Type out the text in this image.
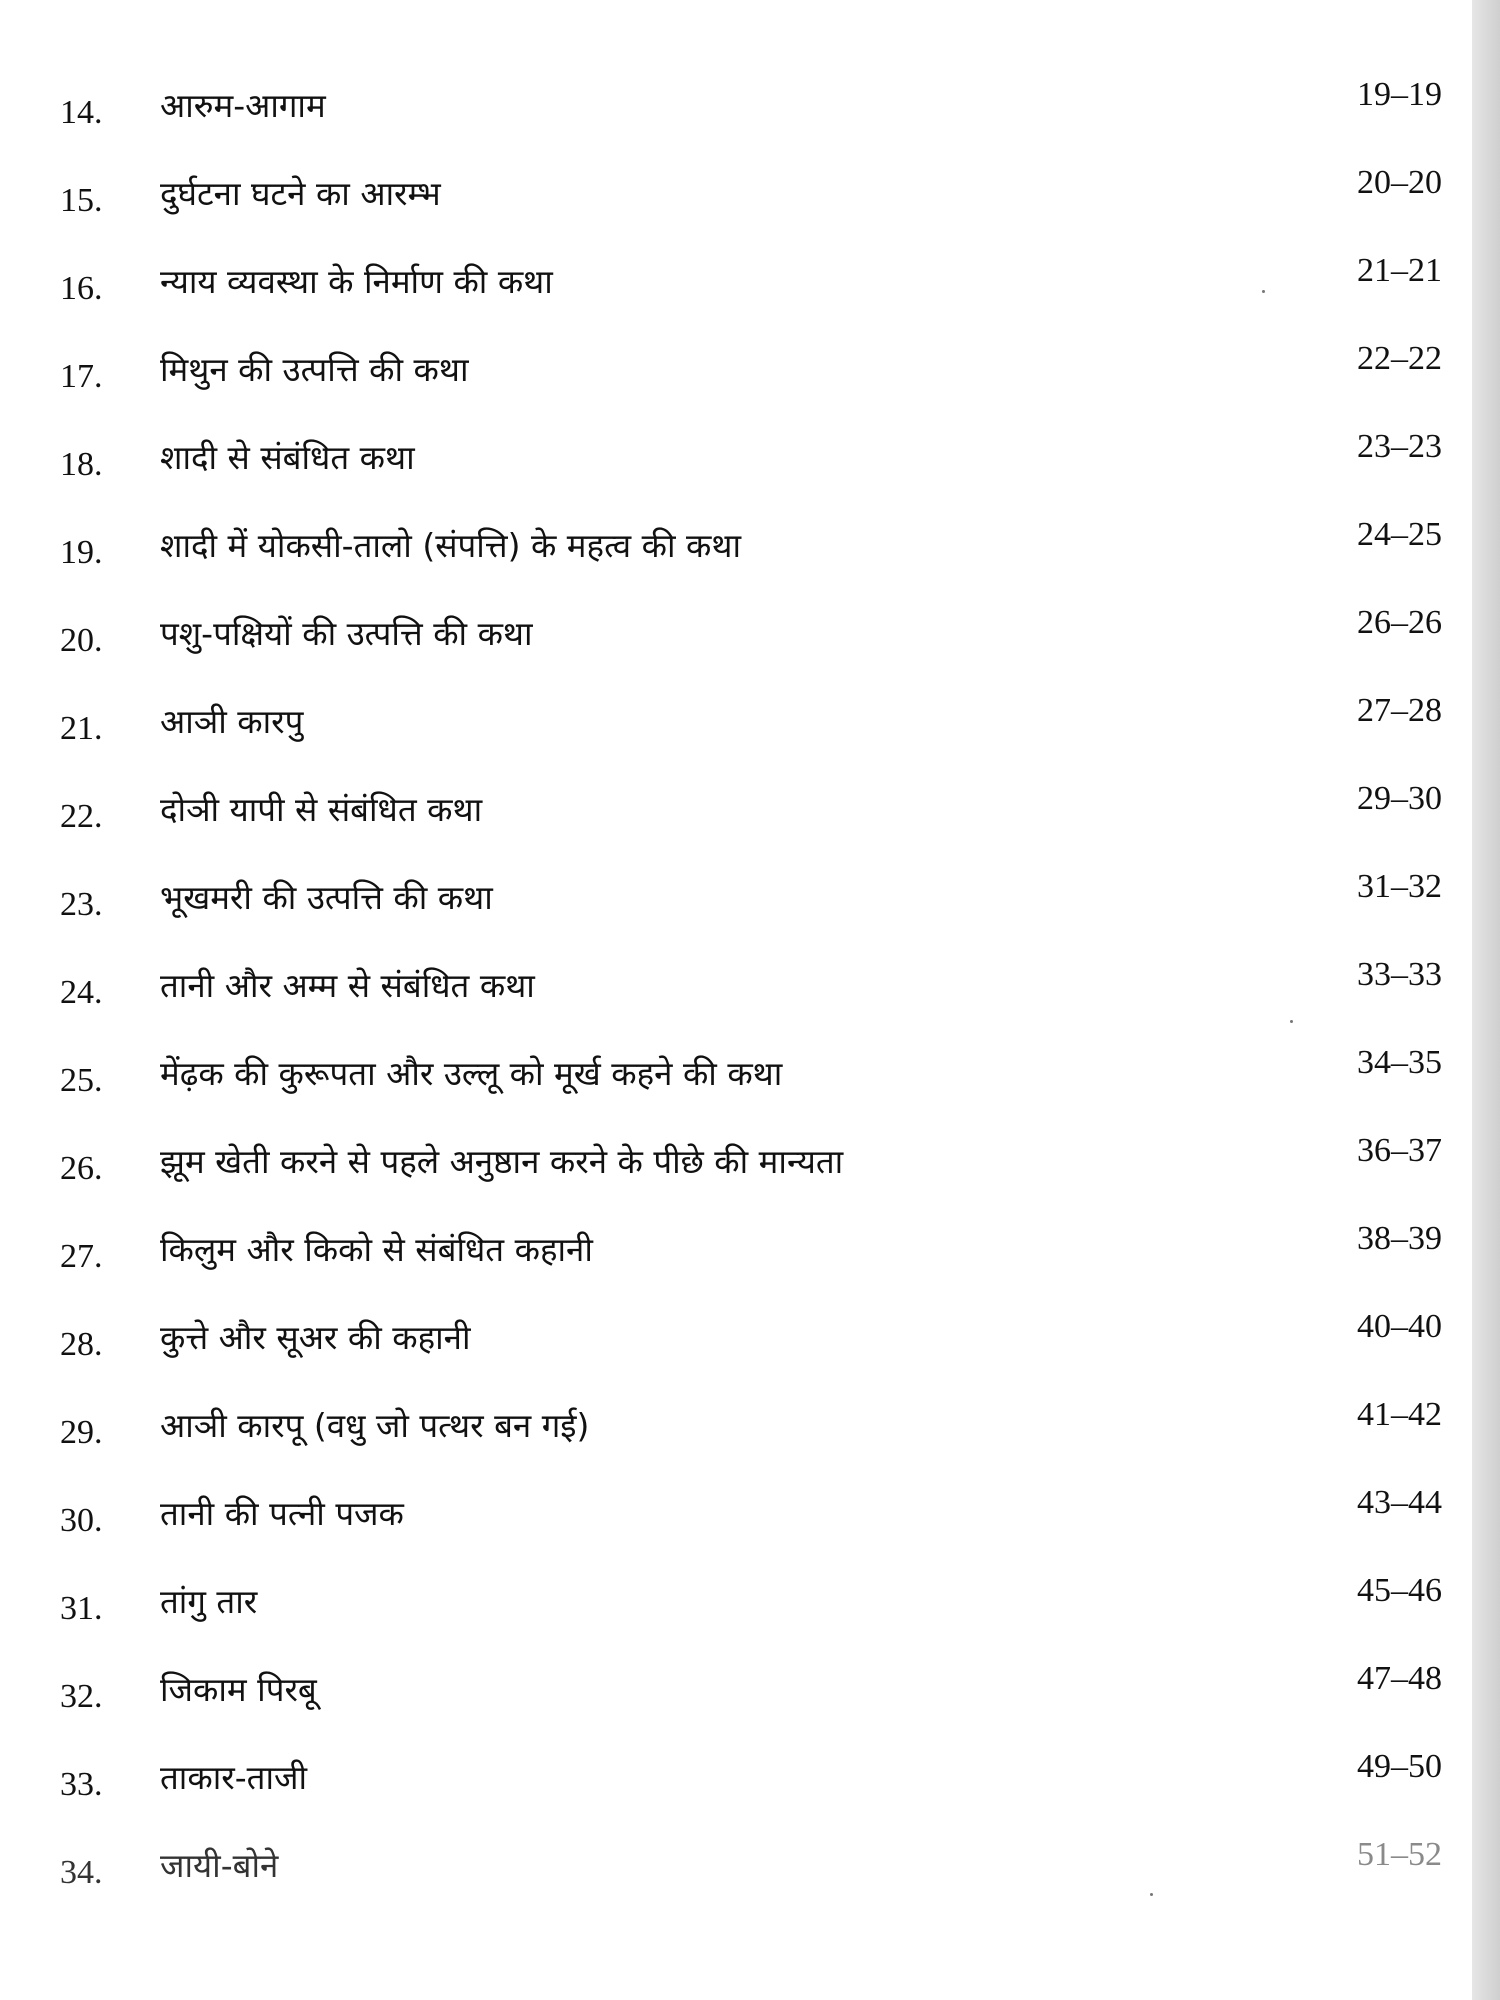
14.	आरुम-आगाम	19–19
15.	दुर्घटना घटने का आरम्भ	20–20
16.	न्याय व्यवस्था के निर्माण की कथा	21–21
17.	मिथुन की उत्पत्ति की कथा	22–22
18.	शादी से संबंधित कथा	23–23
19.	शादी में योकसी-तालो (संपत्ति) के महत्व की कथा	24–25
20.	पशु-पक्षियों की उत्पत्ति की कथा	26–26
21.	आञी कारपु	27–28
22.	दोञी यापी से संबंधित कथा	29–30
23.	भूखमरी की उत्पत्ति की कथा	31–32
24.	तानी और अम्म से संबंधित कथा	33–33
25.	मेंढ़क की कुरूपता और उल्लू को मूर्ख कहने की कथा	34–35
26.	झूम खेती करने से पहले अनुष्ठान करने के पीछे की मान्यता	36–37
27.	किलुम और किको से संबंधित कहानी	38–39
28.	कुत्ते और सूअर की कहानी	40–40
29.	आञी कारपू (वधु जो पत्थर बन गई)	41–42
30.	तानी की पत्नी पजक	43–44
31.	तांगु तार	45–46
32.	जिकाम पिरबू	47–48
33.	ताकार-ताजी	49–50
34.	जायी-बोने	51–52
